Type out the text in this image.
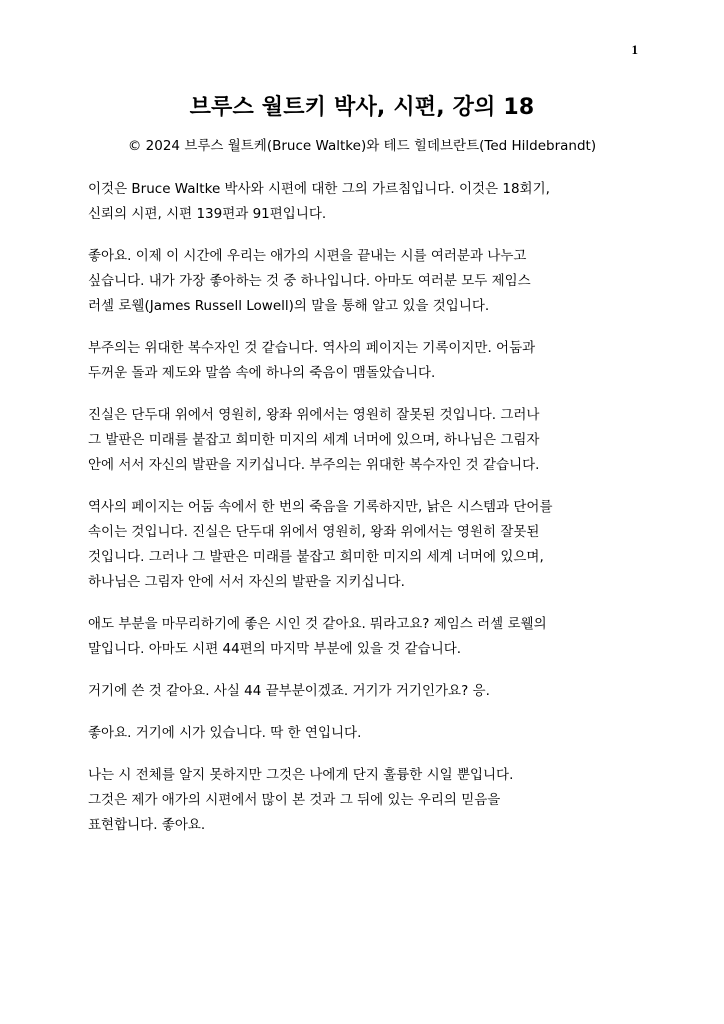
1
브루스 월트키 박사, 시편, 강의 18
© 2024 브루스 월트케(Bruce Waltke)와 테드 힐데브란트(Ted Hildebrandt)

이것은 Bruce Waltke 박사와 시편에 대한 그의 가르침입니다. 이것은 18회기,
신뢰의 시편, 시편 139편과 91편입니다.

좋아요. 이제 이 시간에 우리는 애가의 시편을 끝내는 시를 여러분과 나누고
싶습니다. 내가 가장 좋아하는 것 중 하나입니다. 아마도 여러분 모두 제임스
러셀 로웰(James Russell Lowell)의 말을 통해 알고 있을 것입니다.

부주의는 위대한 복수자인 것 같습니다. 역사의 페이지는 기록이지만. 어둠과
두꺼운 돌과 제도와 말씀 속에 하나의 죽음이 맴돌았습니다.

진실은 단두대 위에서 영원히, 왕좌 위에서는 영원히 잘못된 것입니다. 그러나
그 발판은 미래를 붙잡고 희미한 미지의 세계 너머에 있으며, 하나님은 그림자
안에 서서 자신의 발판을 지키십니다. 부주의는 위대한 복수자인 것 같습니다.

역사의 페이지는 어둠 속에서 한 번의 죽음을 기록하지만, 낡은 시스템과 단어를
속이는 것입니다. 진실은 단두대 위에서 영원히, 왕좌 위에서는 영원히 잘못된
것입니다. 그러나 그 발판은 미래를 붙잡고 희미한 미지의 세계 너머에 있으며,
하나님은 그림자 안에 서서 자신의 발판을 지키십니다.

애도 부분을 마무리하기에 좋은 시인 것 같아요. 뭐라고요? 제임스 러셀 로웰의
말입니다. 아마도 시편 44편의 마지막 부분에 있을 것 같습니다.

거기에 쓴 것 같아요. 사실 44 끝부분이겠죠. 거기가 거기인가요? 응.

좋아요. 거기에 시가 있습니다. 딱 한 연입니다.

나는 시 전체를 알지 못하지만 그것은 나에게 단지 훌륭한 시일 뿐입니다.
그것은 제가 애가의 시편에서 많이 본 것과 그 뒤에 있는 우리의 믿음을
표현합니다. 좋아요.
